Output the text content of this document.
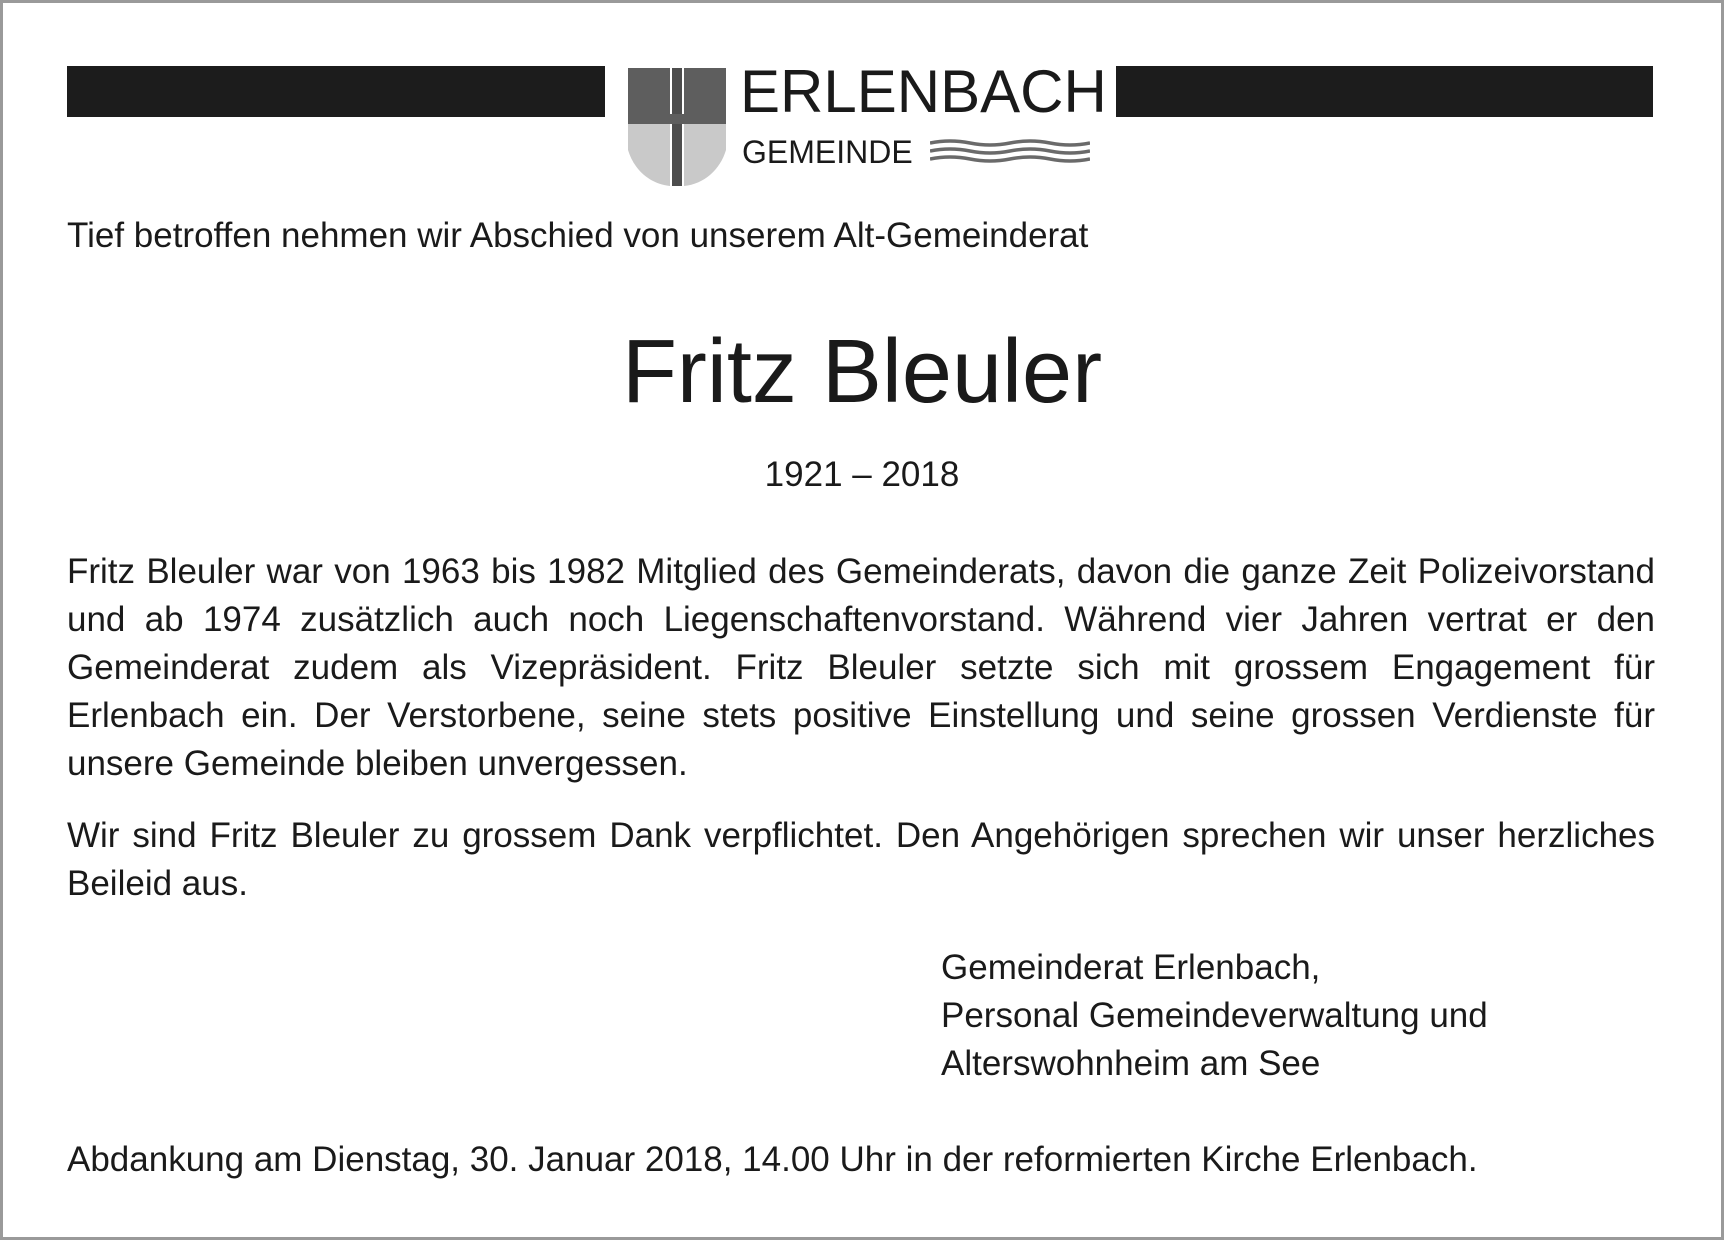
ERLENBACH
GEMEINDE
Tief betroffen nehmen wir Abschied von unserem Alt-Gemeinderat
Fritz Bleuler
1921 – 2018
Fritz Bleuler war von 1963 bis 1982 Mitglied des Gemeinderats, davon die ganze Zeit Polizeivorstand und ab 1974 zusätzlich auch noch Liegenschaftenvorstand. Während vier Jahren vertrat er den Gemeinderat zudem als Vizepräsident. Fritz Bleuler setzte sich mit grossem Engagement für Erlenbach ein. Der Verstorbene, seine stets positive Einstellung und seine grossen Verdienste für unsere Gemeinde bleiben unvergessen.
Wir sind Fritz Bleuler zu grossem Dank verpflichtet. Den Angehörigen sprechen wir unser herzliches Beileid aus.
Gemeinderat Erlenbach,
Personal Gemeindeverwaltung und
Alterswohnheim am See
Abdankung am Dienstag, 30. Januar 2018, 14.00 Uhr in der reformierten Kirche Erlenbach.
